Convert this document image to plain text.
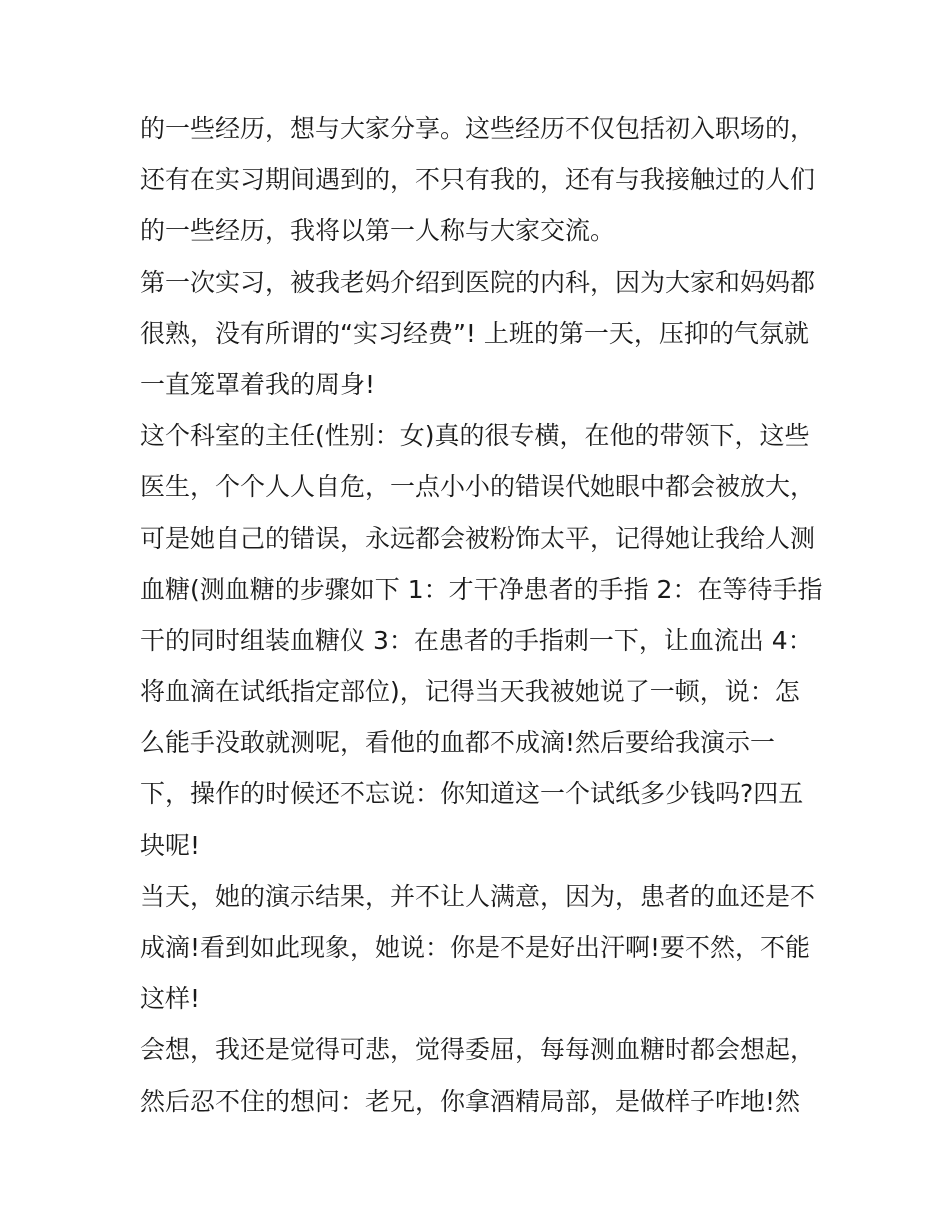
的一些经历，想与大家分享。这些经历不仅包括初入职场的，
还有在实习期间遇到的，不只有我的，还有与我接触过的人们
的一些经历，我将以第一人称与大家交流。
第一次实习，被我老妈介绍到医院的内科，因为大家和妈妈都
很熟，没有所谓的“实习经费”! 上班的第一天，压抑的气氛就
一直笼罩着我的周身!
这个科室的主任(性别：女)真的很专横，在他的带领下，这些
医生，个个人人自危，一点小小的错误代她眼中都会被放大，
可是她自己的错误，永远都会被粉饰太平，记得她让我给人测
血糖(测血糖的步骤如下 1：才干净患者的手指 2：在等待手指
干的同时组装血糖仪 3：在患者的手指刺一下，让血流出 4：
将血滴在试纸指定部位)，记得当天我被她说了一顿，说：怎
么能手没敢就测呢，看他的血都不成滴!然后要给我演示一
下，操作的时候还不忘说：你知道这一个试纸多少钱吗?四五
块呢!
当天，她的演示结果，并不让人满意，因为，患者的血还是不
成滴!看到如此现象，她说：你是不是好出汗啊!要不然，不能
这样!
会想，我还是觉得可悲，觉得委屈，每每测血糖时都会想起，
然后忍不住的想问：老兄，你拿酒精局部，是做样子咋地!然
